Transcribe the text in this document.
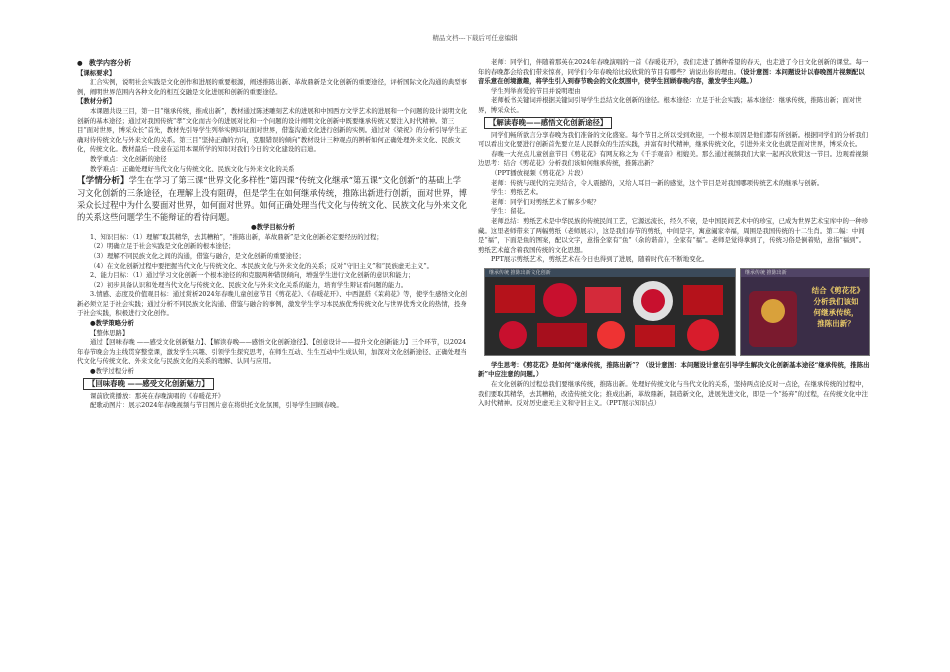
精品文档---下载后可任意编辑

●　教学内容分析

【课标要求】

汇合实例，说明社会实践是文化创作和进展的重要根源，阐述推陈出新、革故鼎新是文化创新的重要途径，评析国际文化沟通的典型事例，阐明世界范围内各种文化的相互交融是文化进展和创新的重要途径。

【教材分析】

本课题共设三目，第一目“继承传统，推成出新”，教材通过陈述雕刻艺术的进展和中国西方文学艺术的进展和一个问题的设计说明文化创新的基本途径；通过对我国传统“孝”文化而古今的进展对比和一个问题的设计阐明文化创新中既要继承传统又要注入时代精神。第三目“面对世界，博采众长”首先，教材先引导学生列举实例印证面对世界，借鉴沟通文化进行创新的实例。通过对《梁祝》的分析引导学生正确对待传统文化与外来文化的关系。第三目“坚持正确的方向，克服错误的倾向”教材设计三种观点的辨析如何正确处理外来文化、民族文化，传统文化。教材最后一段意在运用本课所学的知识对我们今日的文化建设的启迪。

教学重点：文化创新的途径

教学难点：正确处理好当代文化与传统文化、民族文化与外来文化的关系

【学情分析】学生在学习了第三课“世界文化多样性”第四课“传统文化继承”第五课“文化创新”的基础上学习文化创新的三条途径，在理解上没有阻碍，但是学生在如何继承传统，推陈出新进行创新，面对世界，博采众长过程中为什么要面对世界，如何面对世界。如何正确处理当代文化与传统文化、民族文化与外来文化的关系这些问题学生不能辩证的看待问题。

●教学目标分析

1、知识目标：（1）理解“取其精华，去其糟粕”，“推陈出新，革故鼎新”是文化创新必定要经历的过程；

（2）明确立足于社会实践是文化创新的根本途径；

（3）理解不同民族文化之间的沟通，借鉴与融合，是文化创新的重要途径；

（4）在文化创新过程中要把握当代文化与传统文化、本民族文化与外来文化的关系；反对“守旧主义”和“民族虚无主义”。

2、能力目标：（1）通过学习文化创新一个根本途径的和克服两种错误倾向，增强学生进行文化创新的意识和能力；

（2）初步具备认识和处理当代文化与传统文化、民族文化与外来文化关系的能力，培育学生辩证看问题的能力。

3.情感、态度及价值观目标：通过赏析2024年春晚儿童创意节目《剪花花》、《春暖花开》、中西混搭《茉莉花》等，使学生感悟文化创新必须立足于社会实践；通过分析不同民族文化沟通、借鉴与融合的事例，激发学生学习本民族优秀传统文化与世界优秀文化的热情，投身于社会实践，积极进行文化创作。

●教学策略分析

【整体思路】

通过【回味春晚 ——感受文化创新魅力】、【解读春晚——感悟文化创新途径】、【创意设计——提升文化创新能力】三个环节，以2024年春节晚会为主线贯穿整堂课，激发学生兴趣、引领学生探究思考，在师生互动、生生互动中生成认知，加深对文化创新途径、正确处理当代文化与传统文化、外来文化与民族文化的关系的理解、认同与应用。

●教学过程分析

【回味春晚 ——感受文化创新魅力】

课前欣赏播放：那英在春晚演唱的《春暖花开》

配歌动图片：展示2024年春晚视频与节目图片意在将烘托文化氛围，引导学生回顾春晚。

老师：同学们，伴随着那英在2024年春晚演唱的一首《春暖花开》，我们走进了播种希望的春天，也走进了今日文化创新的课堂。每一年的春晚都会给我们带来惊喜，同学们今年春晚给比较欣赏的节目有哪些？请说出你的理由。（设计意图：本问题设计以春晚图片视频配以音乐意在创境激趣，将学生引入到春节晚会的文化氛围中，使学生回顾春晚内容，激发学生兴趣。）

学生列举喜爱的节目并说明理由

老师板书关键词并根据关键词引导学生总结文化创新的途径。根本途径：立足于社会实践；基本途径：继承传统，推陈出新；面对世界，博采众长。

【解读春晚——感悟文化创新途径】

同学们畅所欲言分享春晚为我们准备的文化盛宴。每个节目之所以受到欢迎，一个根本原因是他们都有所创新。根据同学们的分析我们可以看出文化要进行创新首先要立足人民群众的生活实践，并富有时代精神，继承传统文化，引进外来文化也就是面对世界，博采众长。

春晚一大亮点儿童创意节目《剪花花》有网友称之为《千手观音》相媲美。那么通过视频我们大家一起再次欣赏这一节目。边观看视频边思考：结合《剪花花》分析我们该如何继承传统，推陈出新？

（PPT播放视频《剪花花》片段）

老师：传统与现代的完美结合，令人震撼的，又给人耳目一新的感觉，这个节目是对我国哪项传统艺术的继承与创新。

学生：剪纸艺术。

老师：同学们对剪纸艺术了解多少呢？

学生：留花。

老师总结：剪纸艺术是中华民族的传统民间工艺，它源远流长，经久不衰，是中国民间艺术中的珍宝，已成为世界艺术宝库中的一种珍藏。这里老师带来了两幅剪纸（老师展示），这是我们春节的剪纸，中间是字，寓意阖家幸福，周围是我国传统的十二生肖。第二幅：中间是“福”，下面是鱼的图案，配以文字，意指全家有“鱼”（余的谐音），全家有“福”。老师是觉得拿到了，传统习俗是倒着贴，意指“福到”。剪纸艺术蕴含着我国传统的文化思想。

PPT展示剪纸艺术，剪纸艺术在今日也得到了进展，随着时代在不断地变化。

继承传统 推陈出新文化创新	继承传统 推陈出新
结合《剪花花》分析我们该如何继承传统，推陈出新？

学生思考：《剪花花》是如何“继承传统，推陈出新”？（设计意图：本问题设计意在引导学生解决文化创新基本途径“继承传统，推陈出新”中应注意的问题。）

在文化创新的过程总我们要继承传统，推陈出新。处理好传统文化与当代文化的关系，坚持两点论反对一点论，在继承传统的过程中，我们要取其精华，去其糟粕，改造传统文化；推成出新，革故鼎新，制造新文化，进展先进文化，即是一个“扬弃”的过程，在传统文化中注入时代精神。反对厉史虚无主义和守旧主义。（PPT展示知识点）
